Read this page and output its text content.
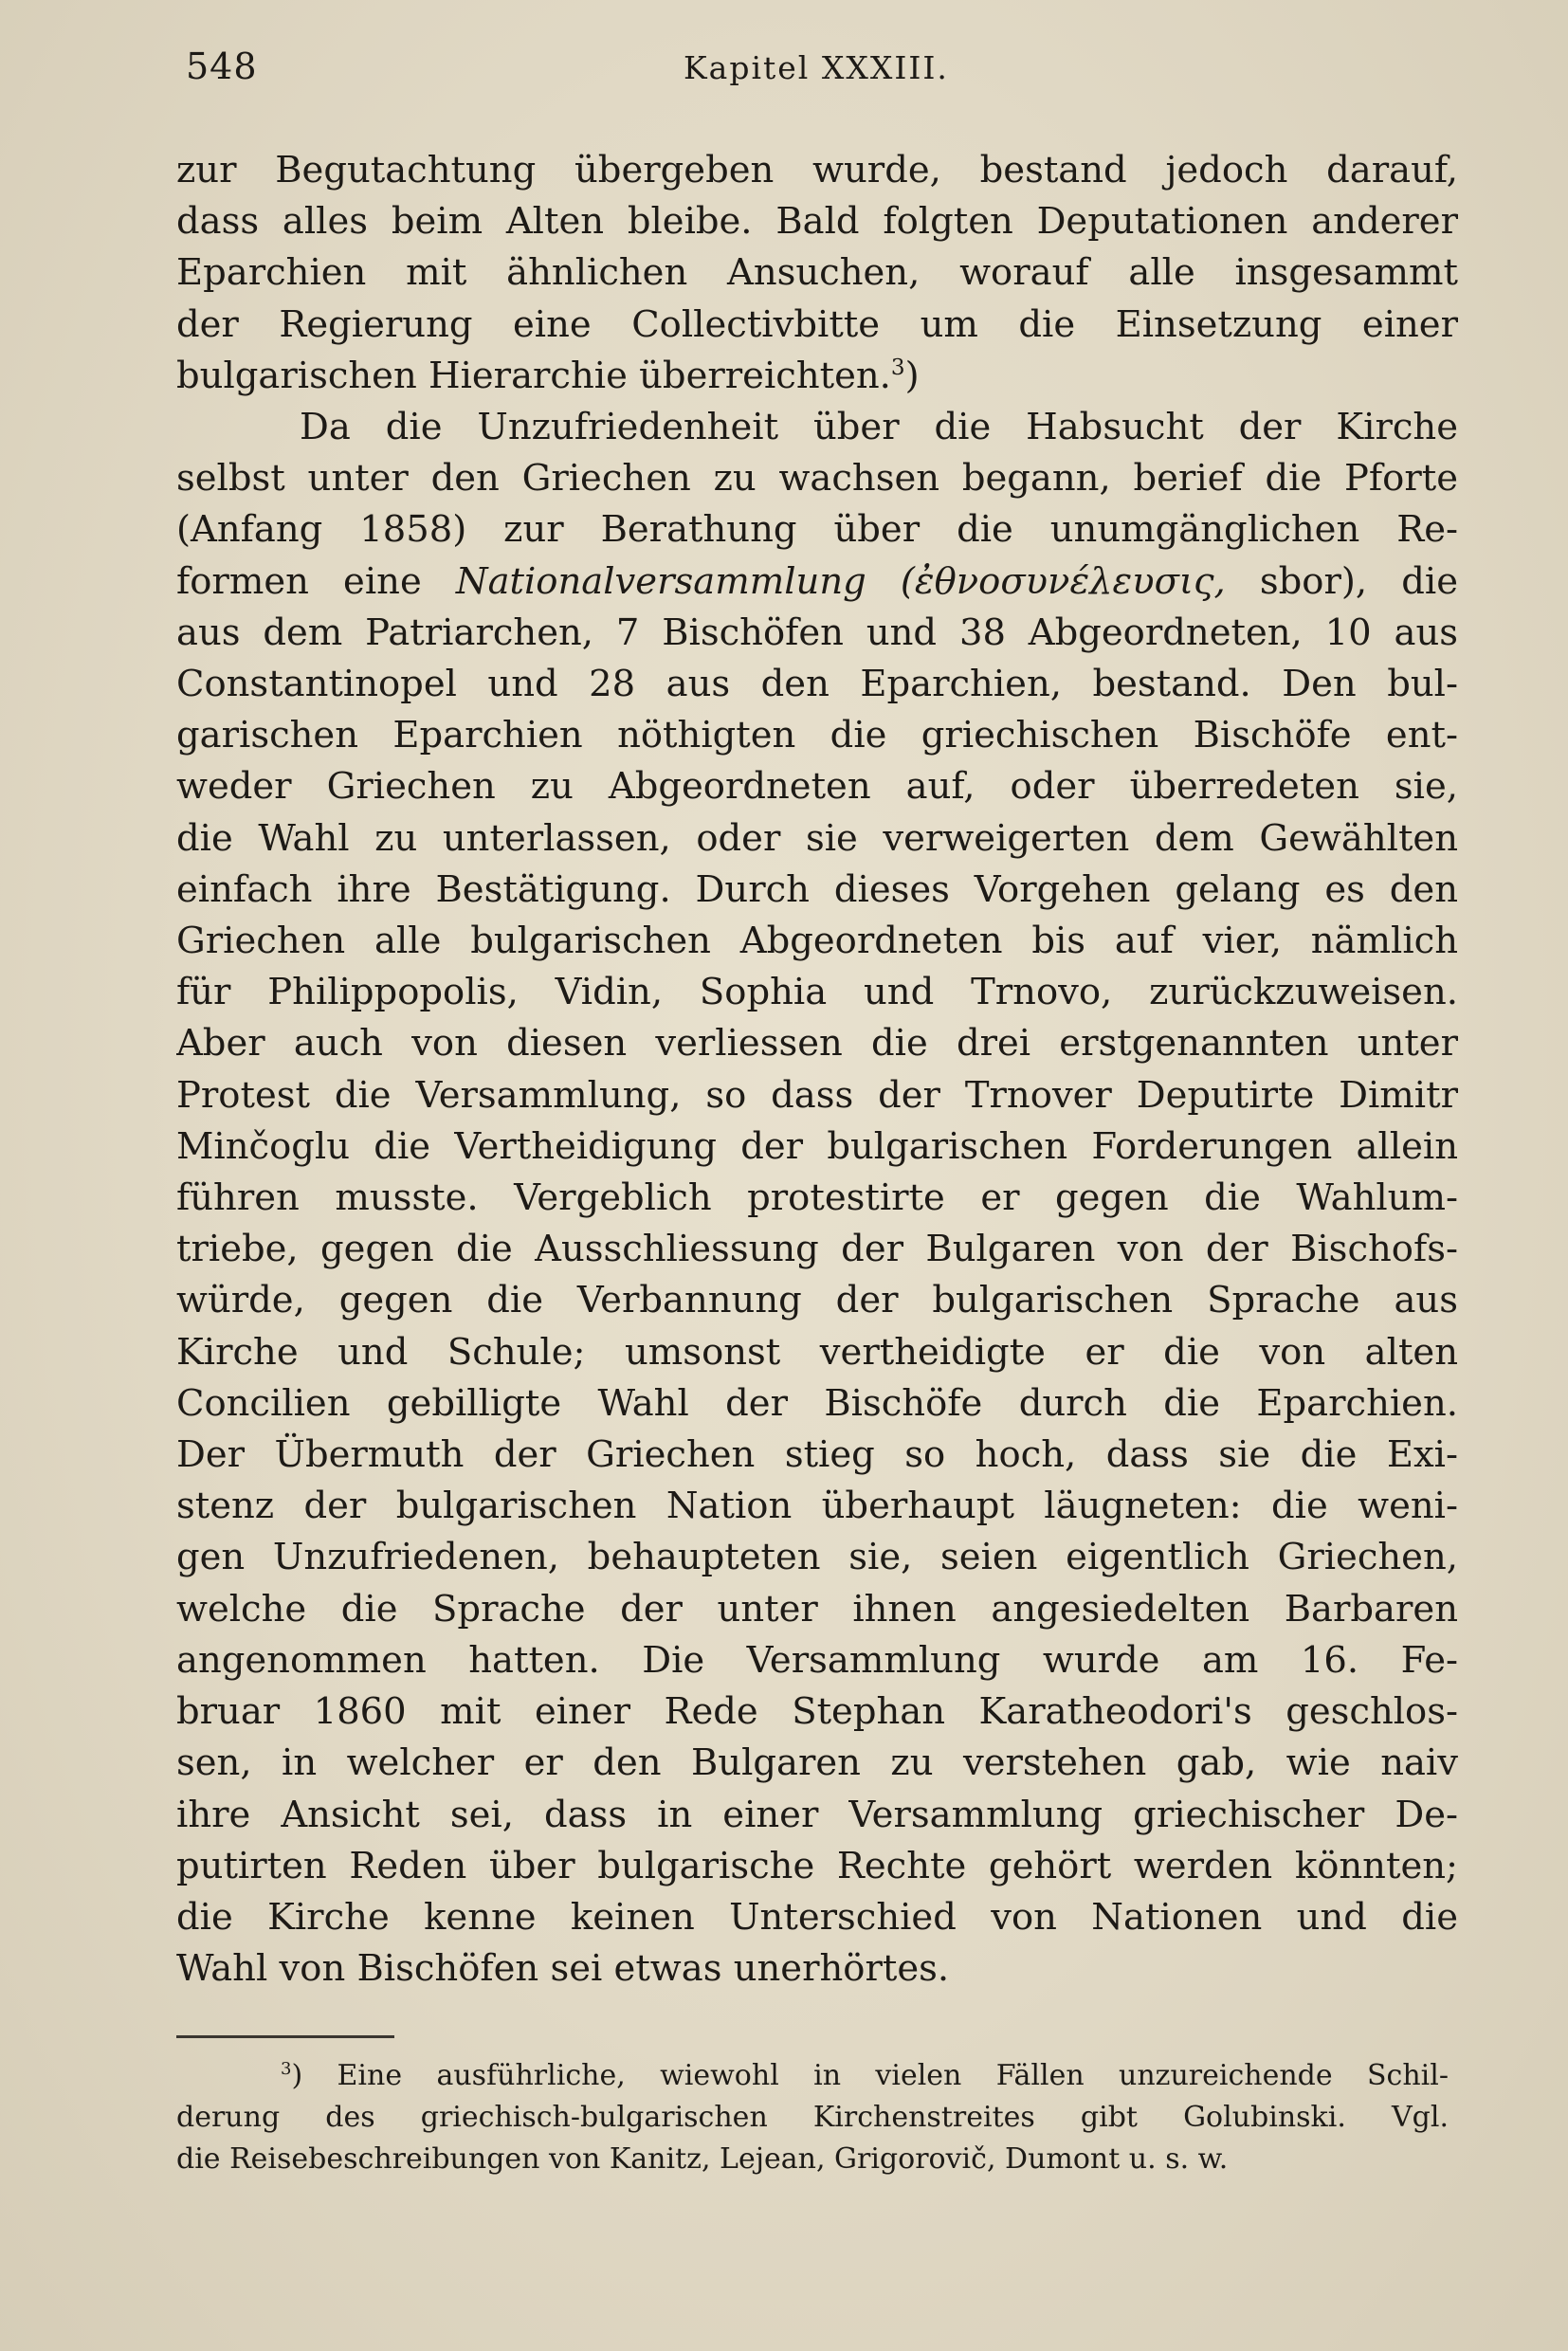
548	Kapitel XXXIII.
zur Begutachtung übergeben wurde, bestand jedoch darauf,
dass alles beim Alten bleibe. Bald folgten Deputationen anderer
Eparchien mit ähnlichen Ansuchen, worauf alle insgesammt
der Regierung eine Collectivbitte um die Einsetzung einer
bulgarischen Hierarchie überreichten.$^3$)
Da die Unzufriedenheit über die Habsucht der Kirche
selbst unter den Griechen zu wachsen begann, berief die Pforte
(Anfang 1858) zur Berathung über die unumgänglichen Re-
formen eine Nationalversammlung (ἐθνοσυνέλευσις, sbor), die
aus dem Patriarchen, 7 Bischöfen und 38 Abgeordneten, 10 aus
Constantinopel und 28 aus den Eparchien, bestand. Den bul-
garischen Eparchien nöthigten die griechischen Bischöfe ent-
weder Griechen zu Abgeordneten auf, oder überredeten sie,
die Wahl zu unterlassen, oder sie verweigerten dem Gewählten
einfach ihre Bestätigung. Durch dieses Vorgehen gelang es den
Griechen alle bulgarischen Abgeordneten bis auf vier, nämlich
für Philippopolis, Vidin, Sophia und Trnovo, zurückzuweisen.
Aber auch von diesen verliessen die drei erstgenannten unter
Protest die Versammlung, so dass der Trnover Deputirte Dimitr
Minčoglu die Vertheidigung der bulgarischen Forderungen allein
führen musste. Vergeblich protestirte er gegen die Wahlum-
triebe, gegen die Ausschliessung der Bulgaren von der Bischofs-
würde, gegen die Verbannung der bulgarischen Sprache aus
Kirche und Schule; umsonst vertheidigte er die von alten
Concilien gebilligte Wahl der Bischöfe durch die Eparchien.
Der Übermuth der Griechen stieg so hoch, dass sie die Exi-
stenz der bulgarischen Nation überhaupt läugneten: die weni-
gen Unzufriedenen, behaupteten sie, seien eigentlich Griechen,
welche die Sprache der unter ihnen angesiedelten Barbaren
angenommen hatten. Die Versammlung wurde am 16. Fe-
bruar 1860 mit einer Rede Stephan Karatheodori's geschlos-
sen, in welcher er den Bulgaren zu verstehen gab, wie naiv
ihre Ansicht sei, dass in einer Versammlung griechischer De-
putirten Reden über bulgarische Rechte gehört werden könnten;
die Kirche kenne keinen Unterschied von Nationen und die
Wahl von Bischöfen sei etwas unerhörtes.
$^3$) Eine ausführliche, wiewohl in vielen Fällen unzureichende Schil-
derung des griechisch-bulgarischen Kirchenstreites gibt Golubinski. Vgl.
die Reisebeschreibungen von Kanitz, Lejean, Grigorovič, Dumont u. s. w.
